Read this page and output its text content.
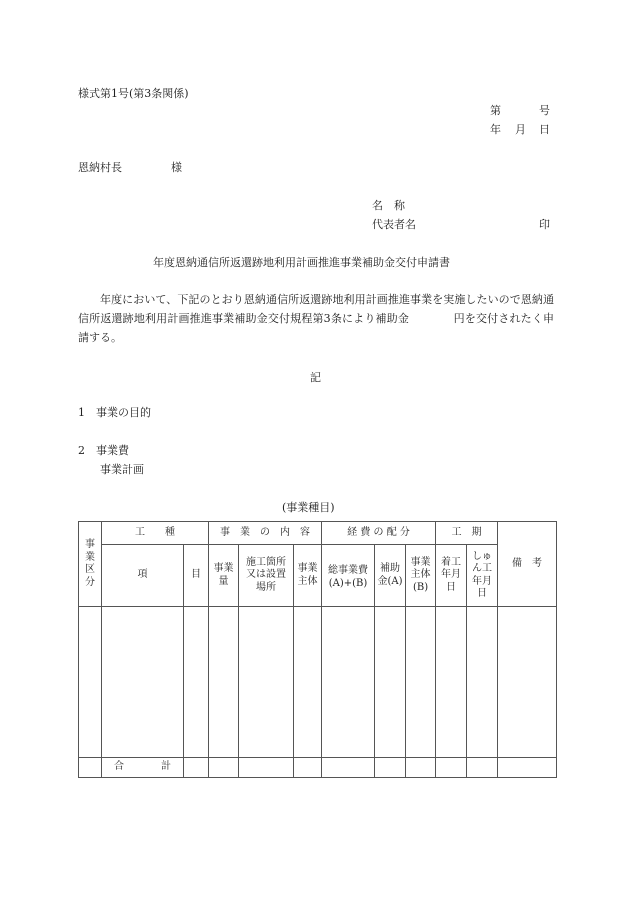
様式第1号(第3条関係)
第	号
年 月 日
恩納村長	様
名　称
代表者名	印
年度恩納通信所返還跡地利用計画推進事業補助金交付申請書
年度において、下記のとおり恩納通信所返還跡地利用計画推進事業を実施したいので恩納通信所返還跡地利用計画推進事業補助金交付規程第3条により補助金　　　　円を交付されたく申請する。
記
1　事業の目的
2　事業費
事業計画
(事業種目)
事業区分	工　　種		事　業　の　内　容			経 費 の 配 分			工　期		備　考
	項	目	事業量	施工箇所又は設置場所	事業主体	総事業費(A)+(B)	補助金(A)	事業主体(B)	着工年月日	しゅん工年月日	

	合　　計										
